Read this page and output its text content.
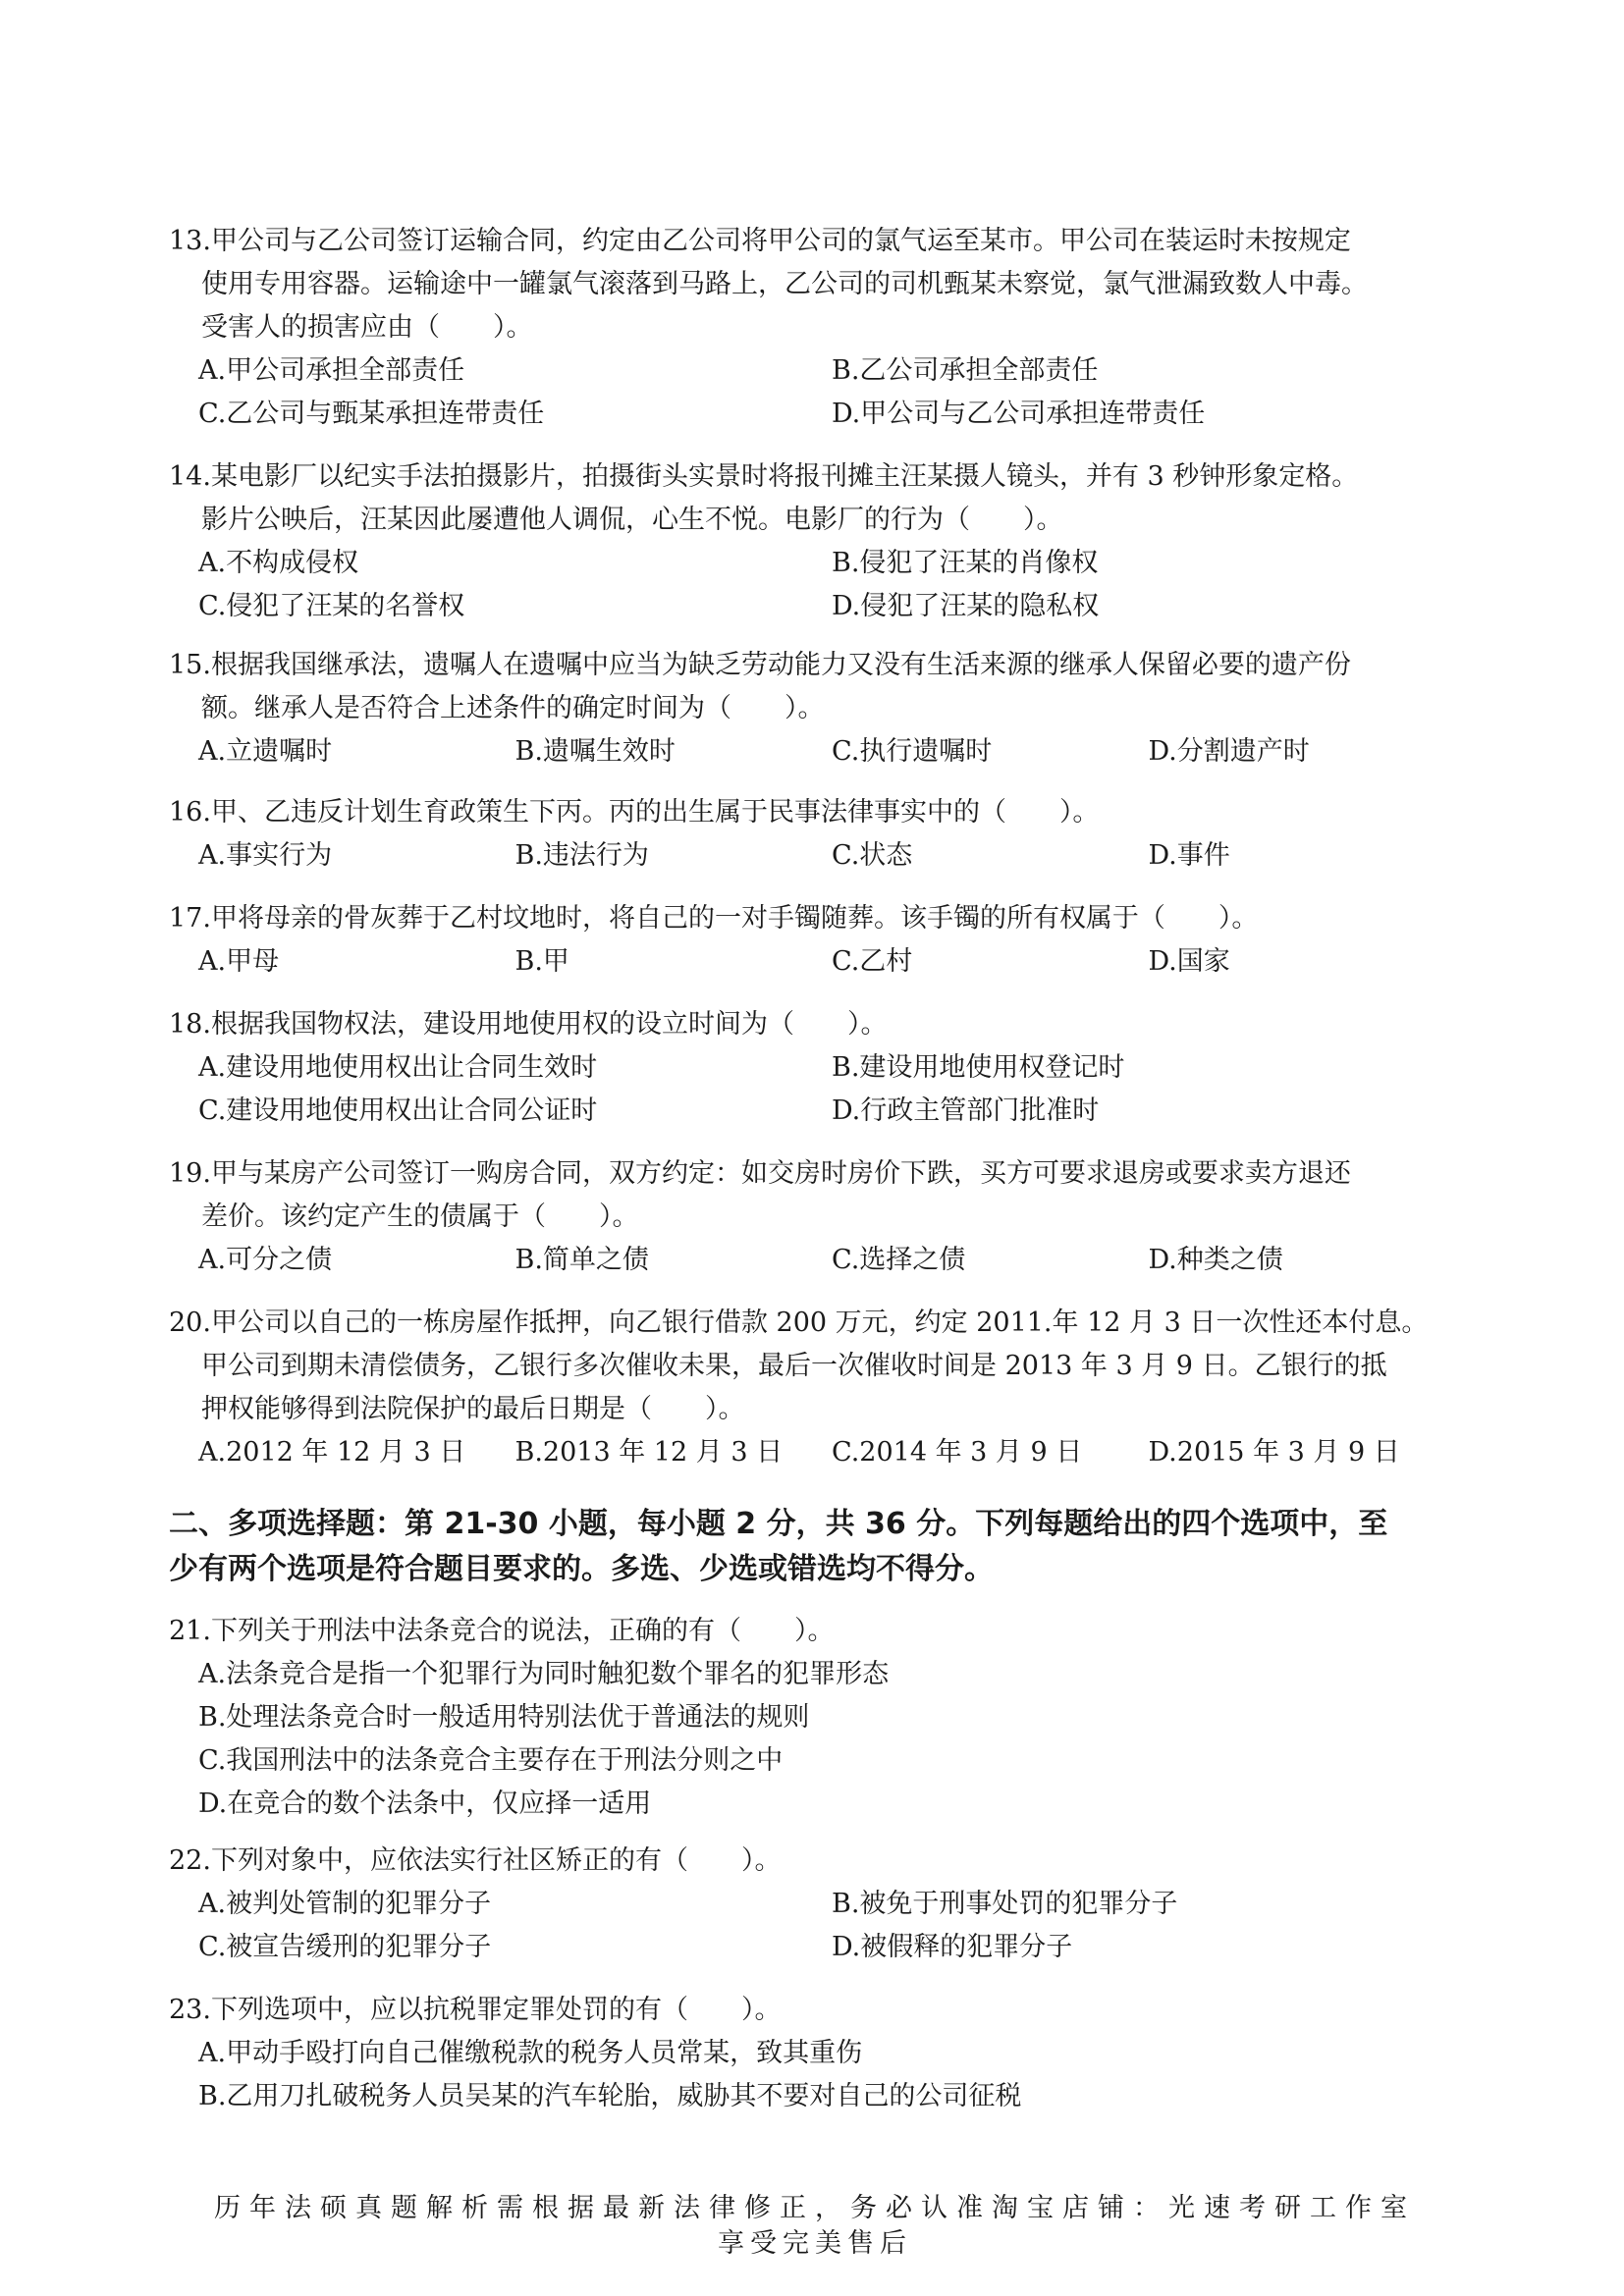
13.甲公司与乙公司签订运输合同，约定由乙公司将甲公司的氯气运至某市。甲公司在装运时未按规定
使用专用容器。运输途中一罐氯气滚落到马路上，乙公司的司机甄某未察觉，氯气泄漏致数人中毒。
受害人的损害应由（　　）。
A.甲公司承担全部责任	B.乙公司承担全部责任
C.乙公司与甄某承担连带责任	D.甲公司与乙公司承担连带责任
14.某电影厂以纪实手法拍摄影片，拍摄街头实景时将报刊摊主汪某摄人镜头，并有 3 秒钟形象定格。
影片公映后，汪某因此屡遭他人调侃，心生不悦。电影厂的行为（　　）。
A.不构成侵权	B.侵犯了汪某的肖像权
C.侵犯了汪某的名誉权	D.侵犯了汪某的隐私权
15.根据我国继承法，遗嘱人在遗嘱中应当为缺乏劳动能力又没有生活来源的继承人保留必要的遗产份
额。继承人是否符合上述条件的确定时间为（　　）。
A.立遗嘱时	B.遗嘱生效时	C.执行遗嘱时	D.分割遗产时
16.甲、乙违反计划生育政策生下丙。丙的出生属于民事法律事实中的（　　）。
A.事实行为	B.违法行为	C.状态	D.事件
17.甲将母亲的骨灰葬于乙村坟地时，将自己的一对手镯随葬。该手镯的所有权属于（　　）。
A.甲母	B.甲	C.乙村	D.国家
18.根据我国物权法，建设用地使用权的设立时间为（　　）。
A.建设用地使用权出让合同生效时	B.建设用地使用权登记时
C.建设用地使用权出让合同公证时	D.行政主管部门批准时
19.甲与某房产公司签订一购房合同，双方约定：如交房时房价下跌，买方可要求退房或要求卖方退还
差价。该约定产生的债属于（　　）。
A.可分之债	B.简单之债	C.选择之债	D.种类之债
20.甲公司以自己的一栋房屋作抵押，向乙银行借款 200 万元，约定 2011.年 12 月 3 日一次性还本付息。
甲公司到期未清偿债务，乙银行多次催收未果，最后一次催收时间是 2013 年 3 月 9 日。乙银行的抵
押权能够得到法院保护的最后日期是（　　）。
A.2012 年 12 月 3 日	B.2013 年 12 月 3 日	C.2014 年 3 月 9 日	D.2015 年 3 月 9 日
二、多项选择题：第 21-30 小题，每小题 2 分，共 36 分。下列每题给出的四个选项中，至
少有两个选项是符合题目要求的。多选、少选或错选均不得分。
21.下列关于刑法中法条竞合的说法，正确的有（　　）。
A.法条竞合是指一个犯罪行为同时触犯数个罪名的犯罪形态
B.处理法条竞合时一般适用特别法优于普通法的规则
C.我国刑法中的法条竞合主要存在于刑法分则之中
D.在竞合的数个法条中，仅应择一适用
22.下列对象中，应依法实行社区矫正的有（　　）。
A.被判处管制的犯罪分子	B.被免于刑事处罚的犯罪分子
C.被宣告缓刑的犯罪分子	D.被假释的犯罪分子
23.下列选项中，应以抗税罪定罪处罚的有（　　）。
A.甲动手殴打向自己催缴税款的税务人员常某，致其重伤
B.乙用刀扎破税务人员吴某的汽车轮胎，威胁其不要对自己的公司征税
历年法硕真题解析需根据最新法律修正，务必认准淘宝店铺：光速考研工作室
享受完美售后
